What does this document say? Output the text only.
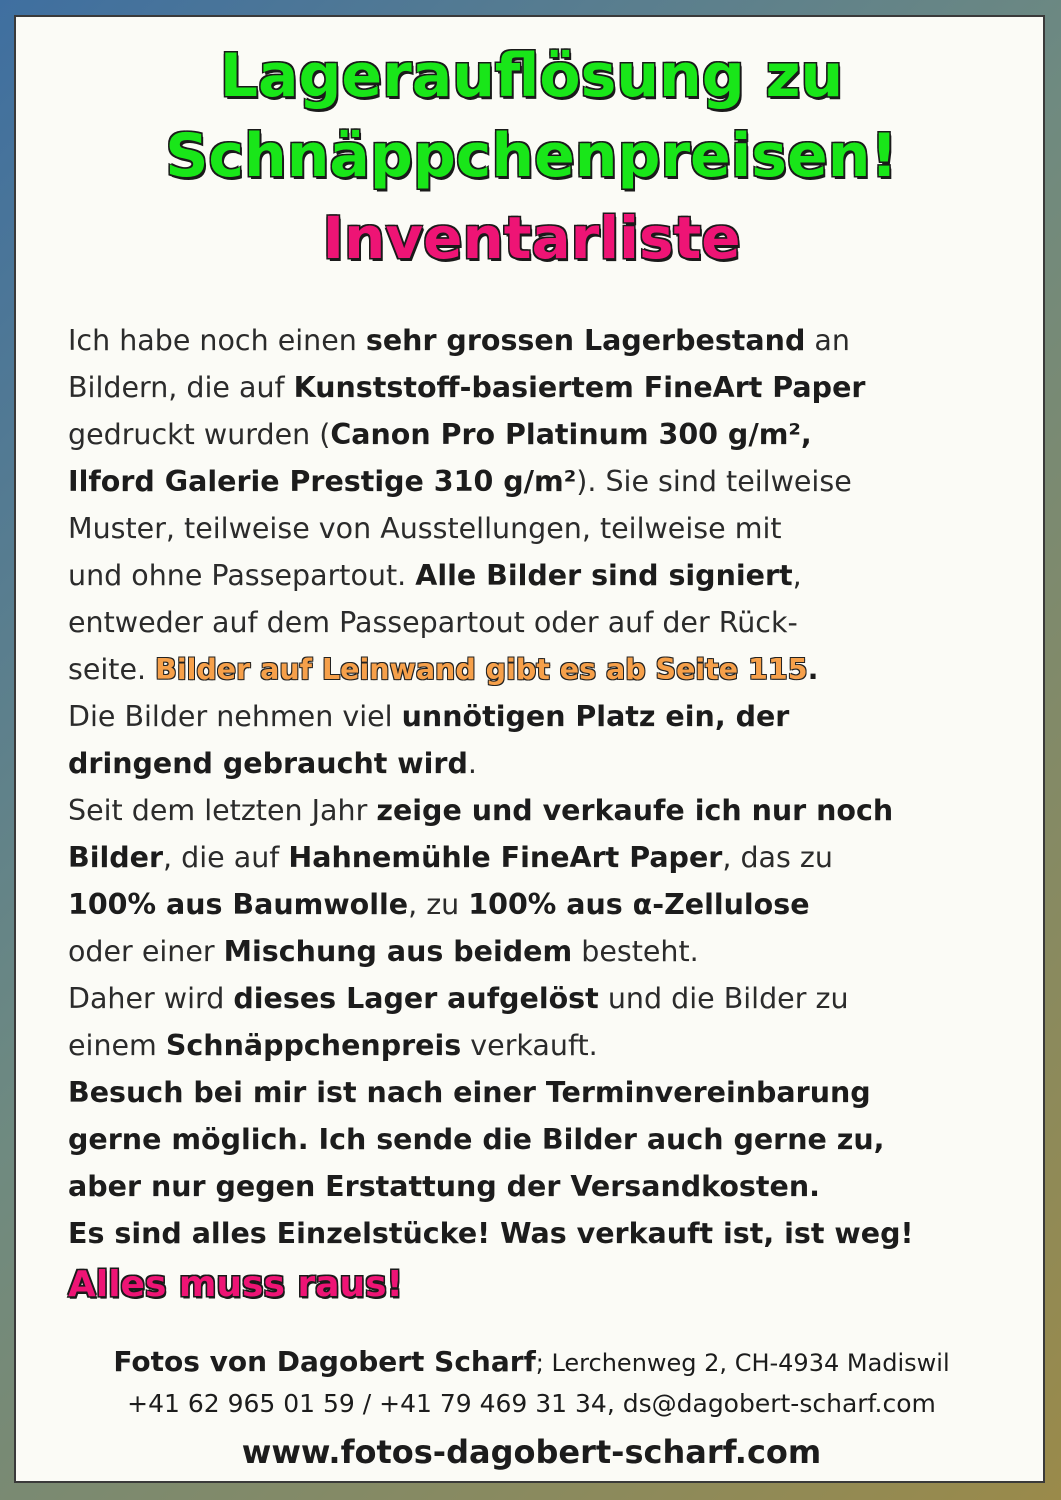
Lagerauflösung zu
Schnäppchenpreisen!
Inventarliste
Ich habe noch einen sehr grossen Lagerbestand an
Bildern, die auf Kunststoff-basiertem FineArt Paper
gedruckt wurden (Canon Pro Platinum 300 g/m²,
Ilford Galerie Prestige 310 g/m²). Sie sind teilweise
Muster, teilweise von Ausstellungen, teilweise mit
und ohne Passepartout. Alle Bilder sind signiert,
entweder auf dem Passepartout oder auf der Rück-
seite. Bilder auf Leinwand gibt es ab Seite 115.
Die Bilder nehmen viel unnötigen Platz ein, der
dringend gebraucht wird.
Seit dem letzten Jahr zeige und verkaufe ich nur noch
Bilder, die auf Hahnemühle FineArt Paper, das zu
100% aus Baumwolle, zu 100% aus α-Zellulose
oder einer Mischung aus beidem besteht.
Daher wird dieses Lager aufgelöst und die Bilder zu
einem Schnäppchenpreis verkauft.
Besuch bei mir ist nach einer Terminvereinbarung
gerne möglich. Ich sende die Bilder auch gerne zu,
aber nur gegen Erstattung der Versandkosten.
Es sind alles Einzelstücke! Was verkauft ist, ist weg!
Alles muss raus!
Fotos von Dagobert Scharf; Lerchenweg 2, CH-4934 Madiswil
+41 62 965 01 59 / +41 79 469 31 34, ds@dagobert-scharf.com
www.fotos-dagobert-scharf.com
